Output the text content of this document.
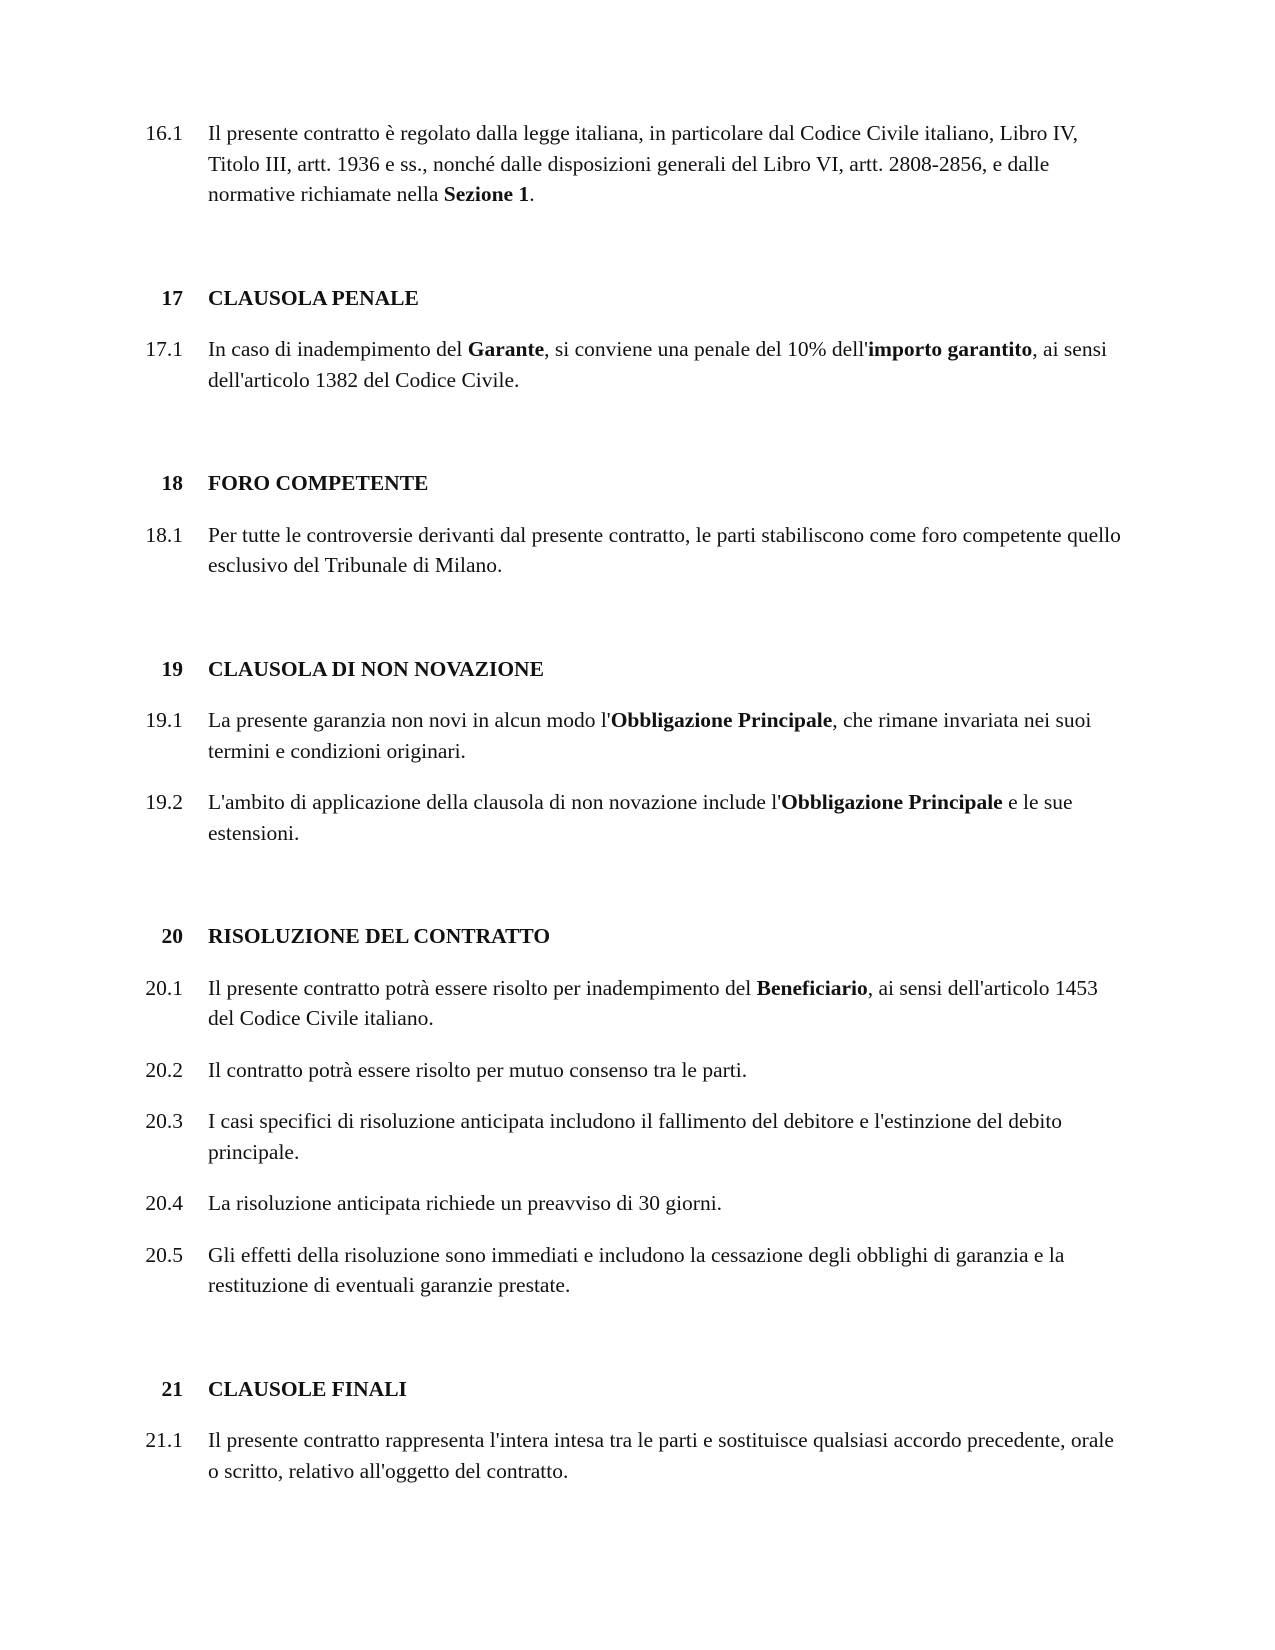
16.1	Il presente contratto è regolato dalla legge italiana, in particolare dal Codice Civile italiano, Libro IV, Titolo III, artt. 1936 e ss., nonché dalle disposizioni generali del Libro VI, artt. 2808-2856, e dalle normative richiamate nella Sezione 1.
17	CLAUSOLA PENALE
17.1	In caso di inadempimento del Garante, si conviene una penale del 10% dell'importo garantito, ai sensi dell'articolo 1382 del Codice Civile.
18	FORO COMPETENTE
18.1	Per tutte le controversie derivanti dal presente contratto, le parti stabiliscono come foro competente quello esclusivo del Tribunale di Milano.
19	CLAUSOLA DI NON NOVAZIONE
19.1	La presente garanzia non novi in alcun modo l'Obbligazione Principale, che rimane invariata nei suoi termini e condizioni originari.
19.2	L'ambito di applicazione della clausola di non novazione include l'Obbligazione Principale e le sue estensioni.
20	RISOLUZIONE DEL CONTRATTO
20.1	Il presente contratto potrà essere risolto per inadempimento del Beneficiario, ai sensi dell'articolo 1453 del Codice Civile italiano.
20.2	Il contratto potrà essere risolto per mutuo consenso tra le parti.
20.3	I casi specifici di risoluzione anticipata includono il fallimento del debitore e l'estinzione del debito principale.
20.4	La risoluzione anticipata richiede un preavviso di 30 giorni.
20.5	Gli effetti della risoluzione sono immediati e includono la cessazione degli obblighi di garanzia e la restituzione di eventuali garanzie prestate.
21	CLAUSOLE FINALI
21.1	Il presente contratto rappresenta l'intera intesa tra le parti e sostituisce qualsiasi accordo precedente, orale o scritto, relativo all'oggetto del contratto.
